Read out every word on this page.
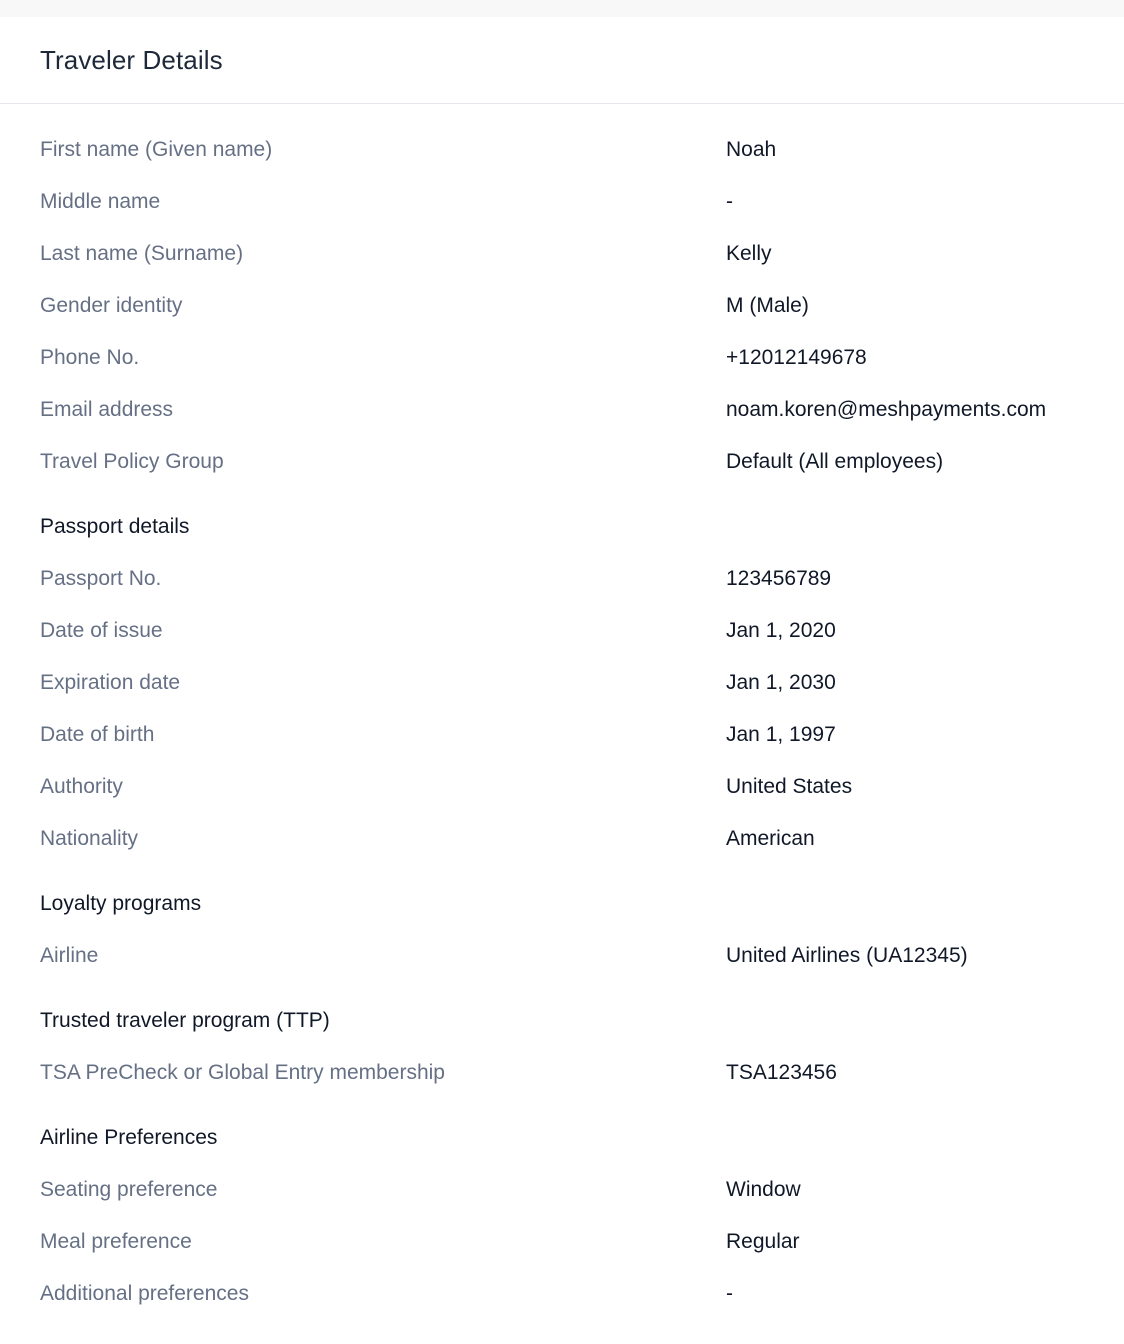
Traveler Details
First name (Given name)	Noah
Middle name	-
Last name (Surname)	Kelly
Gender identity	M (Male)
Phone No.	+12012149678
Email address	noam.koren@meshpayments.com
Travel Policy Group	Default (All employees)
Passport details
Passport No.	123456789
Date of issue	Jan 1, 2020
Expiration date	Jan 1, 2030
Date of birth	Jan 1, 1997
Authority	United States
Nationality	American
Loyalty programs
Airline	United Airlines (UA12345)
Trusted traveler program (TTP)
TSA PreCheck or Global Entry membership	TSA123456
Airline Preferences
Seating preference	Window
Meal preference	Regular
Additional preferences	-
